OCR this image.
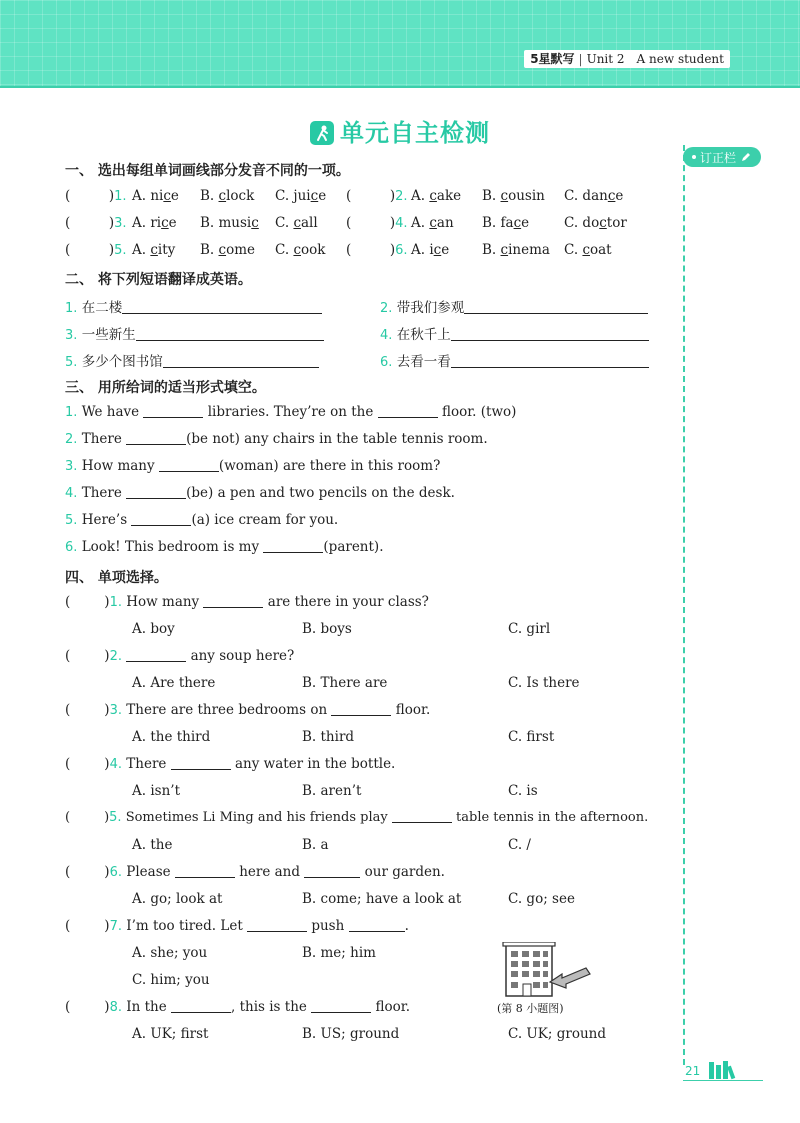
5星默写 | Unit 2 A new student
单元自主检测
订正栏
一、 选出每组单词画线部分发音不同的一项。
(	)1. A. nice B. clock C. juice (	)2. A. cake B. cousin C. dance
(	)3. A. rice B. music C. call (	)4. A. can B. face	C. doctor
(	)5. A. city B. come C. cook (	)6. A. ice B. cinema C. coat
二、 将下列短语翻译成英语。
1. 在二楼	2. 带我们参观
3. 一些新生	4. 在秋千上
5. 多少个图书馆	6. 去看一看
三、 用所给词的适当形式填空。
1. We have	libraries. They’re on the	floor. (two)
2. There	(be not) any chairs in the table tennis room.
3. How many	(woman) are there in this room?
4. There	(be) a pen and two pencils on the desk.
5. Here’s	(a) ice cream for you.
6. Look! This bedroom is my	(parent).
四、 单项选择。
(	)1. How many	are there in your class?
A. boy	B. boys	C. girl
(	)2.	any soup here?
A. Are there	B. There are	C. Is there
(	)3. There are three bedrooms on	floor.
A. the third	B. third	C. first
(	)4. There	any water in the bottle.
A. isn’t	B. aren’t	C. is
(	)5. Sometimes Li Ming and his friends play	table tennis in the afternoon.
A. the	B. a	C. /
(	)6. Please	here and	our garden.
A. go; look at	B. come; have a look at	C. go; see
(	)7. I’m too tired. Let	push	.
A. she; you	B. me; him
C. him; you
(第 8 小题图)
(	)8. In the	, this is the	floor.
A. UK; first	B. US; ground	C. UK; ground
21
